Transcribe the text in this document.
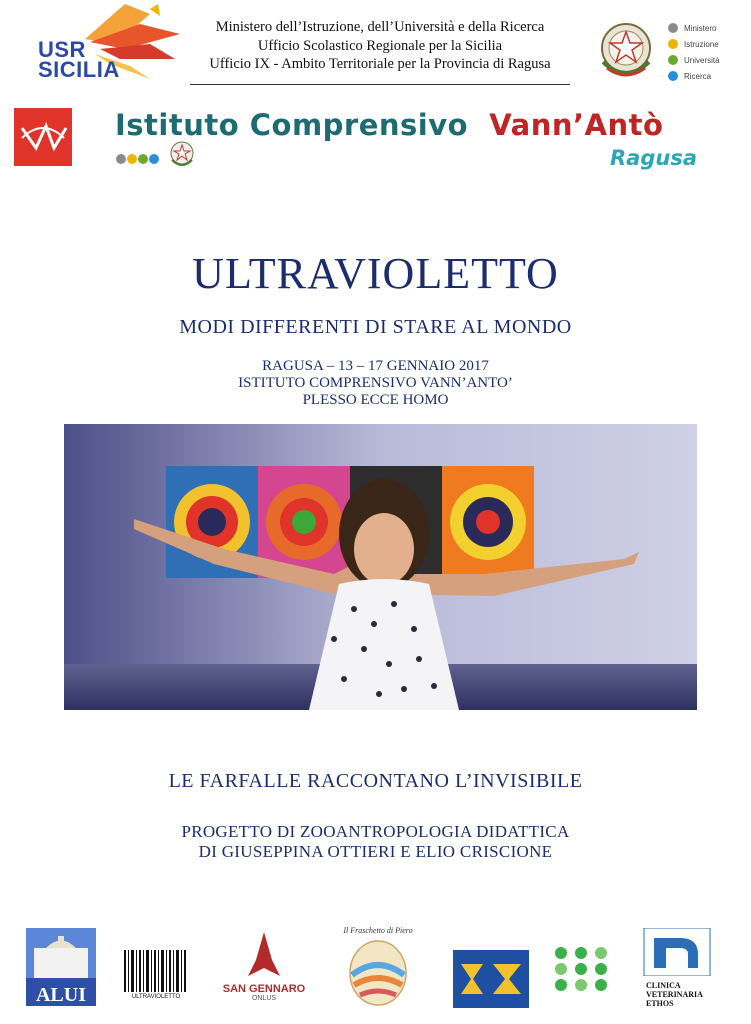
USR
SICILIA
Ministero dell’Istruzione, dell’Università e della Ricerca
Ufficio Scolastico Regionale per la Sicilia
Ufficio IX - Ambito Territoriale per la Provincia di Ragusa
Ministero
Istruzione
Università
Ricerca
Istituto Comprensivo Vann’Antò
Ragusa
ULTRAVIOLETTO
MODI DIFFERENTI DI STARE AL MONDO
RAGUSA – 13 – 17 GENNAIO 2017
ISTITUTO COMPRENSIVO VANN’ANTO’
PLESSO ECCE HOMO
LE FARFALLE RACCONTANO L’INVISIBILE
PROGETTO DI ZOOANTROPOLOGIA DIDATTICA
DI GIUSEPPINA OTTIERI E ELIO CRISCIONE
ALUI	ULTRAVIOLETTO
SAN GENNARO
ONLUS
Il Fraschetto di Piero
CLINICA
VETERINARIA
ETHOS
